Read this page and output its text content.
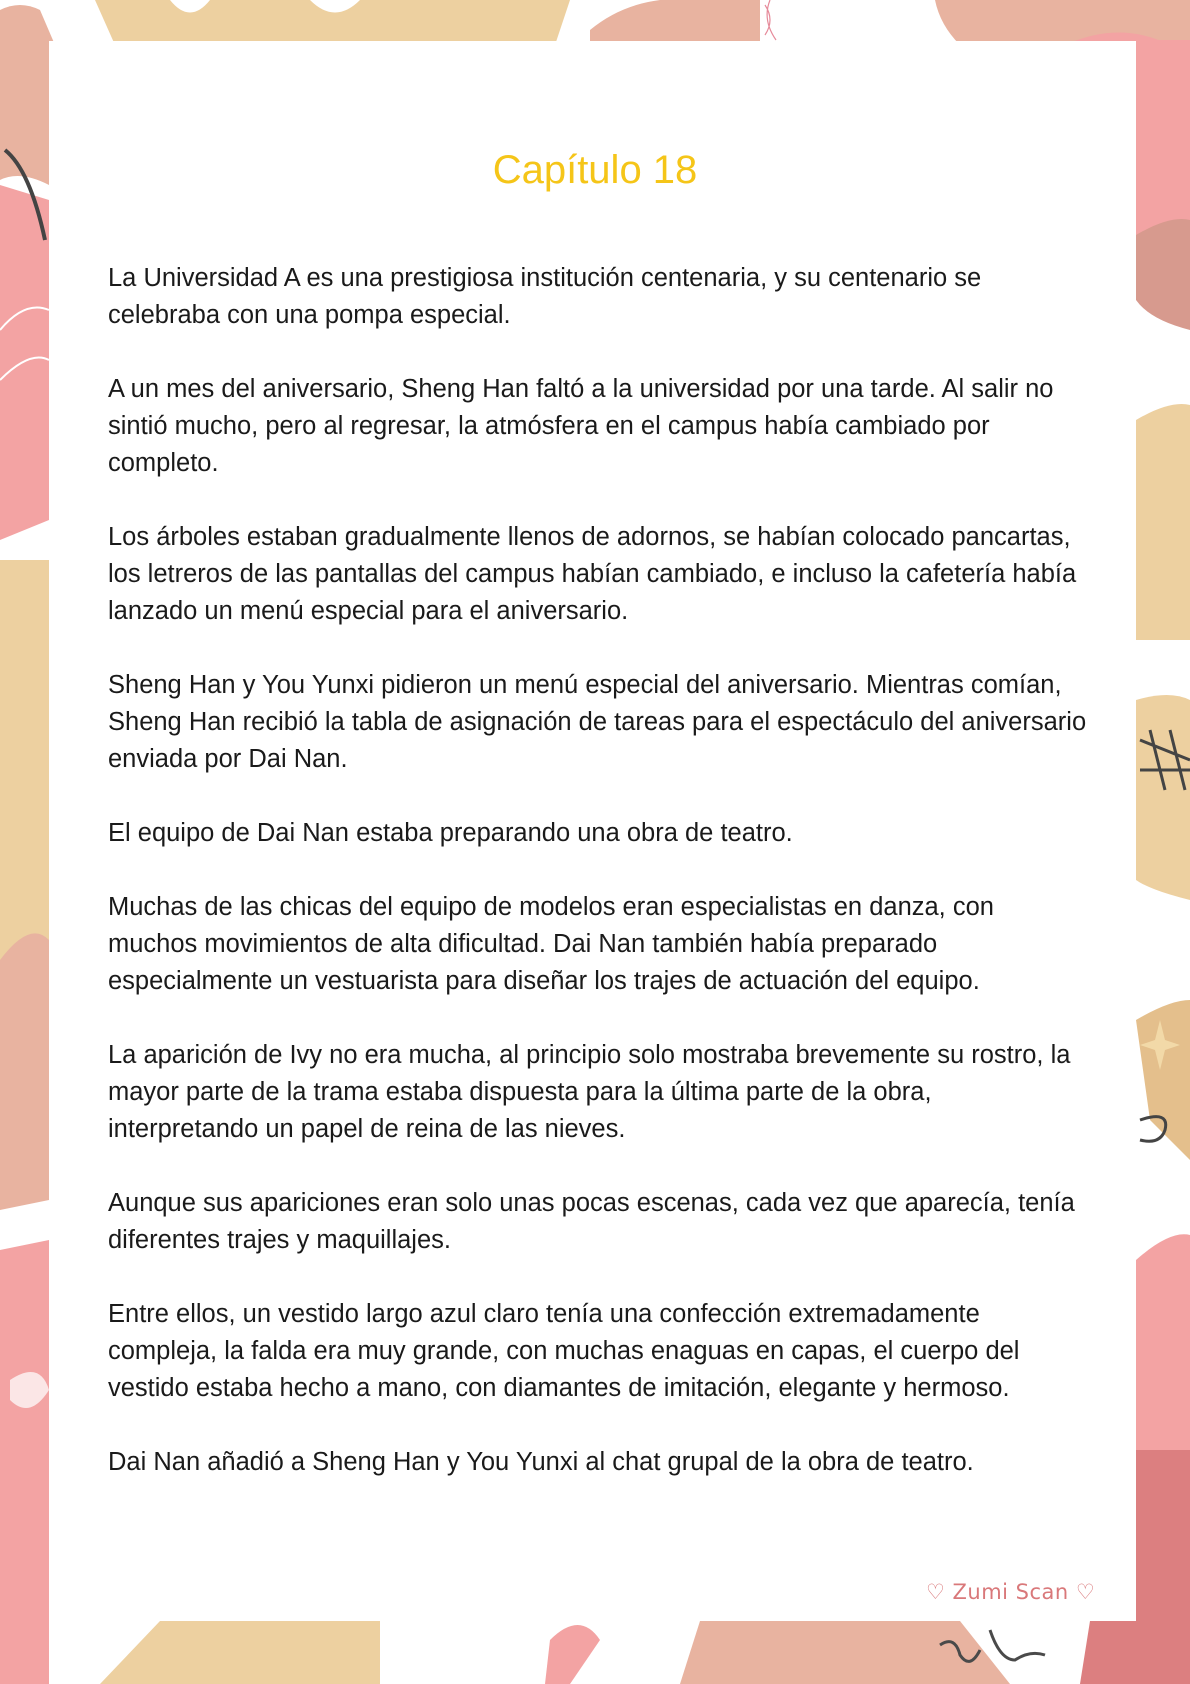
Capítulo 18

La Universidad A es una prestigiosa institución centenaria, y su centenario se celebraba con una pompa especial.

A un mes del aniversario, Sheng Han faltó a la universidad por una tarde. Al salir no sintió mucho, pero al regresar, la atmósfera en el campus había cambiado por completo.

Los árboles estaban gradualmente llenos de adornos, se habían colocado pancartas, los letreros de las pantallas del campus habían cambiado, e incluso la cafetería había lanzado un menú especial para el aniversario.

Sheng Han y You Yunxi pidieron un menú especial del aniversario. Mientras comían, Sheng Han recibió la tabla de asignación de tareas para el espectáculo del aniversario enviada por Dai Nan.

El equipo de Dai Nan estaba preparando una obra de teatro.

Muchas de las chicas del equipo de modelos eran especialistas en danza, con muchos movimientos de alta dificultad. Dai Nan también había preparado especialmente un vestuarista para diseñar los trajes de actuación del equipo.

La aparición de Ivy no era mucha, al principio solo mostraba brevemente su rostro, la mayor parte de la trama estaba dispuesta para la última parte de la obra, interpretando un papel de reina de las nieves.

Aunque sus apariciones eran solo unas pocas escenas, cada vez que aparecía, tenía diferentes trajes y maquillajes.

Entre ellos, un vestido largo azul claro tenía una confección extremadamente compleja, la falda era muy grande, con muchas enaguas en capas, el cuerpo del vestido estaba hecho a mano, con diamantes de imitación, elegante y hermoso.

Dai Nan añadió a Sheng Han y You Yunxi al chat grupal de la obra de teatro.

♡ Zumi Scan ♡
